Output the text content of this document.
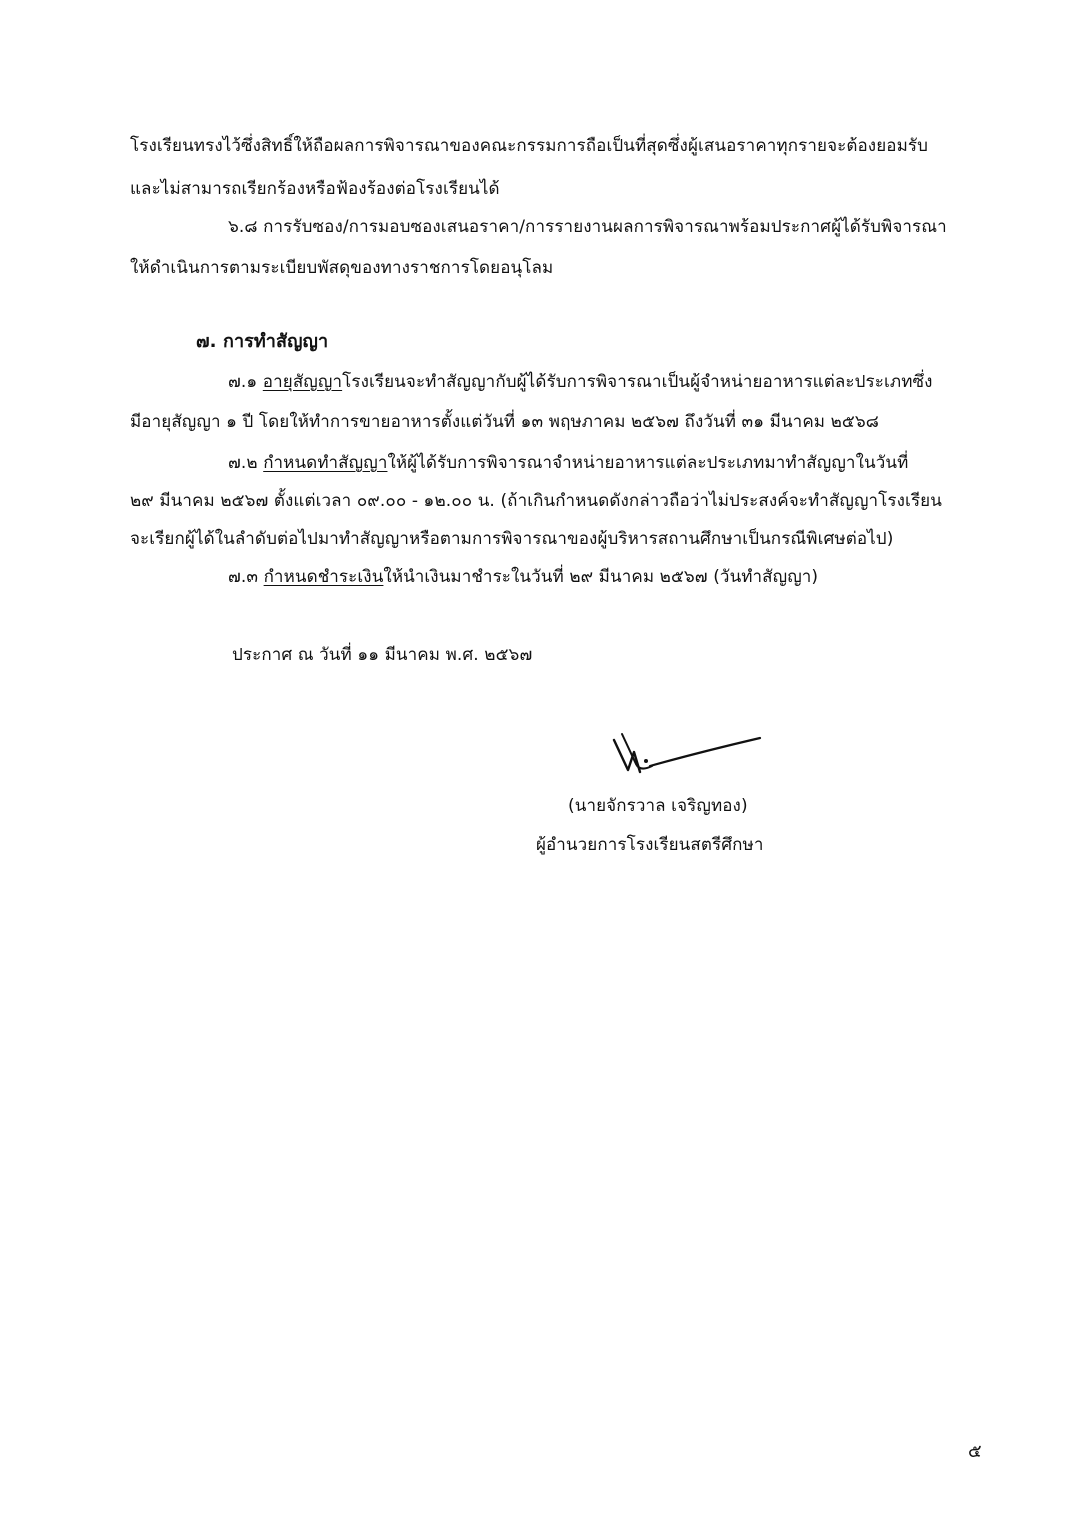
โรงเรียนทรงไว้ซึ่งสิทธิ์ให้ถือผลการพิจารณาของคณะกรรมการถือเป็นที่สุดซึ่งผู้เสนอราคาทุกรายจะต้องยอมรับ
และไม่สามารถเรียกร้องหรือฟ้องร้องต่อโรงเรียนได้
๖.๘ การรับซอง/การมอบซองเสนอราคา/การรายงานผลการพิจารณาพร้อมประกาศผู้ได้รับพิจารณา
ให้ดำเนินการตามระเบียบพัสดุของทางราชการโดยอนุโลม
๗. การทำสัญญา
๗.๑ อายุสัญญาโรงเรียนจะทำสัญญากับผู้ได้รับการพิจารณาเป็นผู้จำหน่ายอาหารแต่ละประเภทซึ่ง
มีอายุสัญญา ๑ ปี โดยให้ทำการขายอาหารตั้งแต่วันที่ ๑๓ พฤษภาคม ๒๕๖๗ ถึงวันที่ ๓๑ มีนาคม ๒๕๖๘
๗.๒ กำหนดทำสัญญาให้ผู้ได้รับการพิจารณาจำหน่ายอาหารแต่ละประเภทมาทำสัญญาในวันที่
๒๙ มีนาคม ๒๕๖๗ ตั้งแต่เวลา ๐๙.๐๐ - ๑๒.๐๐ น. (ถ้าเกินกำหนดดังกล่าวถือว่าไม่ประสงค์จะทำสัญญาโรงเรียน
จะเรียกผู้ได้ในลำดับต่อไปมาทำสัญญาหรือตามการพิจารณาของผู้บริหารสถานศึกษาเป็นกรณีพิเศษต่อไป)
๗.๓ กำหนดชำระเงินให้นำเงินมาชำระในวันที่ ๒๙ มีนาคม ๒๕๖๗ (วันทำสัญญา)
ประกาศ ณ วันที่ ๑๑ มีนาคม พ.ศ. ๒๕๖๗
(นายจักรวาล เจริญทอง)
ผู้อำนวยการโรงเรียนสตรีศึกษา
๕
